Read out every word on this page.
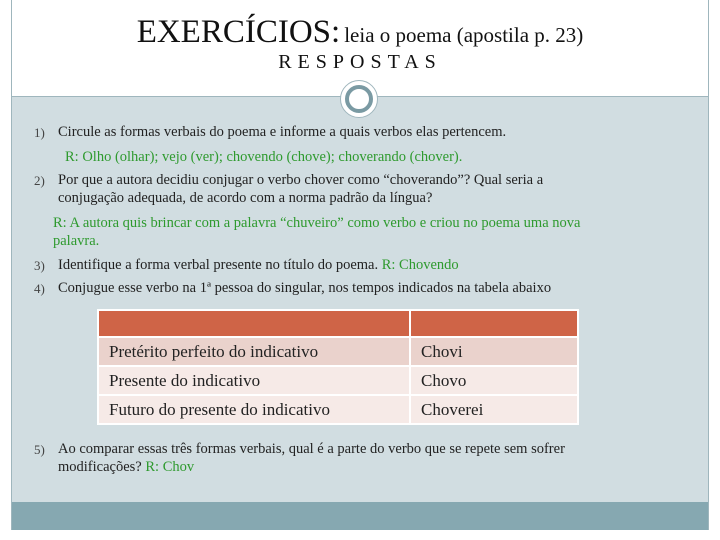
EXERCÍCIOS: leia o poema (apostila p. 23)
RESPOSTAS
1) Circule as formas verbais do poema e informe a quais verbos elas pertencem.
R: Olho (olhar); vejo (ver); chovendo (chove); choverando (chover).
2) Por que a autora decidiu conjugar o verbo chover como “choverando”? Qual seria a
conjugação adequada, de acordo com a norma padrão da língua?
R: A autora quis brincar com a palavra “chuveiro” como verbo e criou no poema uma nova
palavra.
3) Identifique a forma verbal presente no título do poema. R: Chovendo
4) Conjugue esse verbo na 1ª pessoa do singular, nos tempos indicados na tabela abaixo

Pretérito perfeito do indicativo	Chovi
Presente do indicativo	Chovo
Futuro do presente do indicativo	Choverei
5) Ao comparar essas três formas verbais, qual é a parte do verbo que se repete sem sofrer
modificações? R: Chov
